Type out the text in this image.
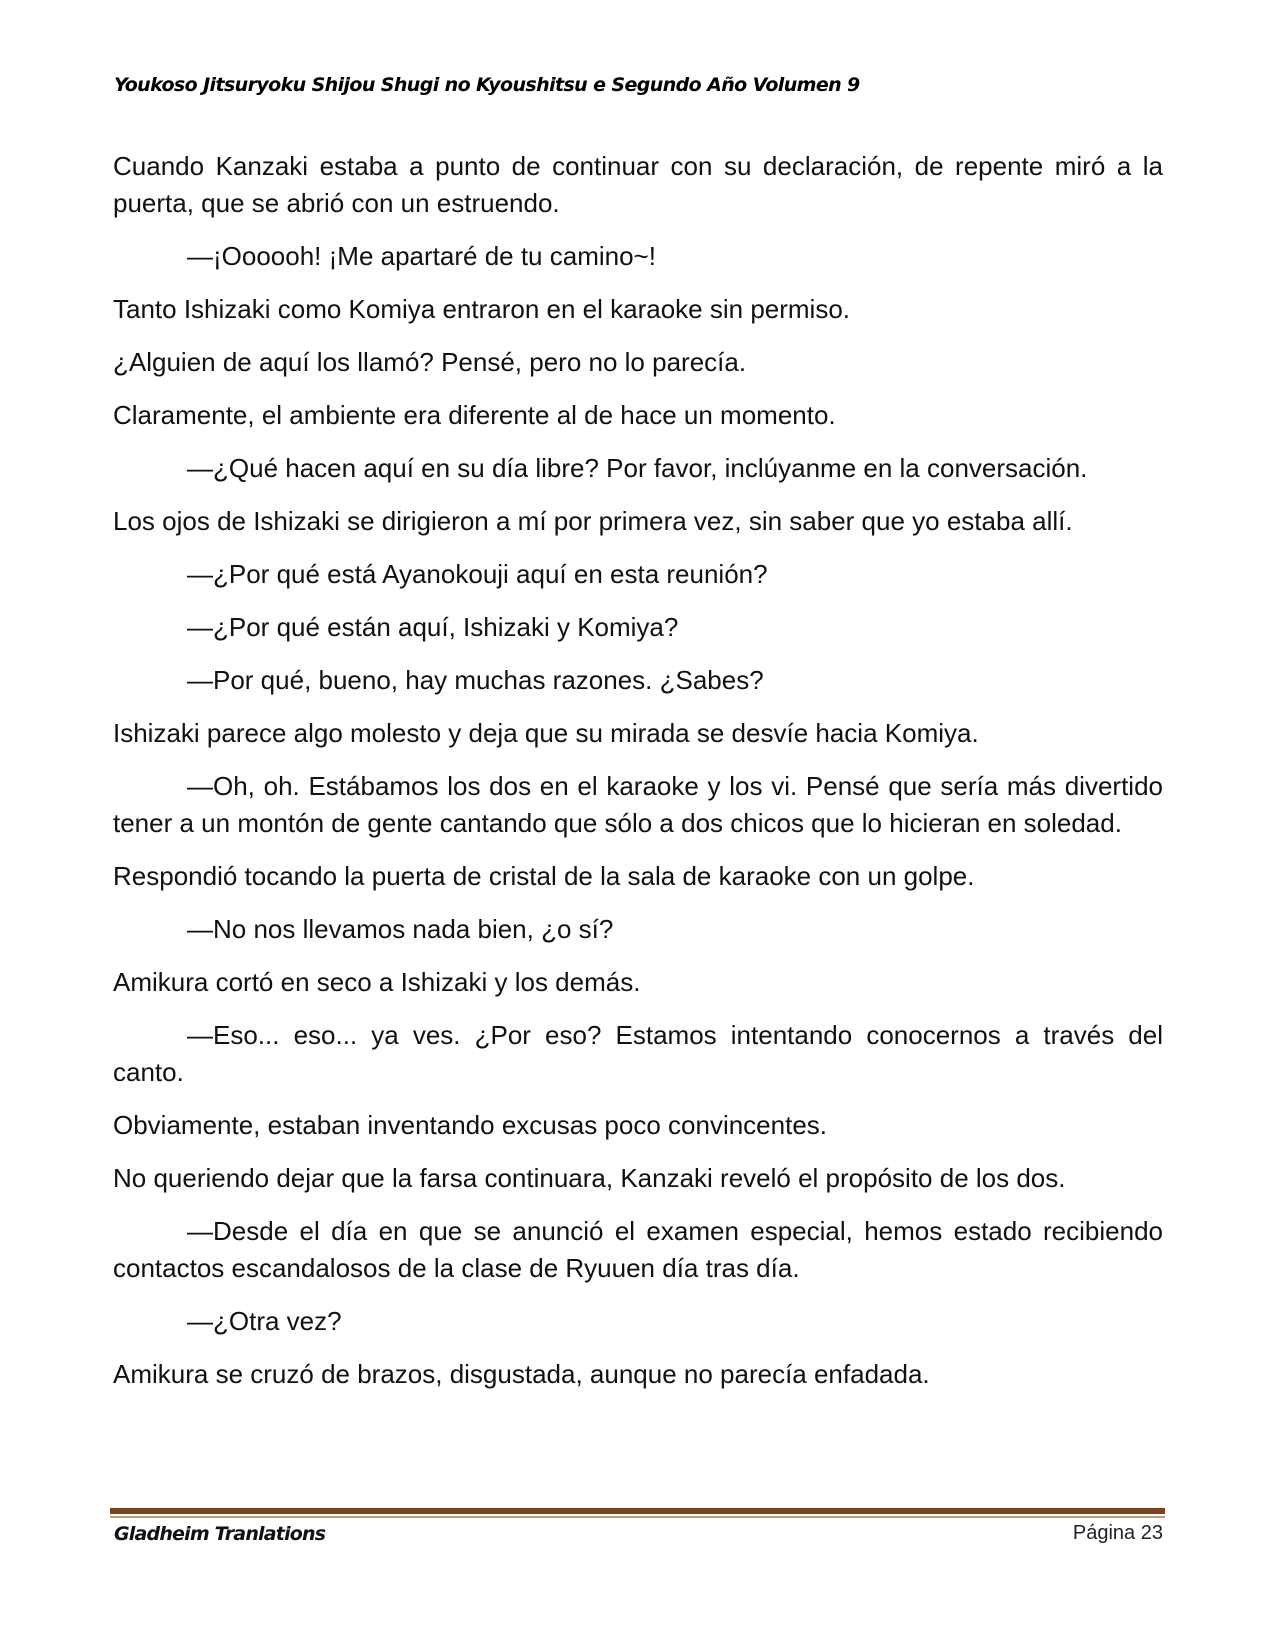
Youkoso Jitsuryoku Shijou Shugi no Kyoushitsu e Segundo Año Volumen 9

Cuando Kanzaki estaba a punto de continuar con su declaración, de repente miró a la puerta, que se abrió con un estruendo.

—¡Oooooh! ¡Me apartaré de tu camino~!

Tanto Ishizaki como Komiya entraron en el karaoke sin permiso.

¿Alguien de aquí los llamó? Pensé, pero no lo parecía.

Claramente, el ambiente era diferente al de hace un momento.

—¿Qué hacen aquí en su día libre? Por favor, inclúyanme en la conversación.

Los ojos de Ishizaki se dirigieron a mí por primera vez, sin saber que yo estaba allí.

—¿Por qué está Ayanokouji aquí en esta reunión?

—¿Por qué están aquí, Ishizaki y Komiya?

—Por qué, bueno, hay muchas razones. ¿Sabes?

Ishizaki parece algo molesto y deja que su mirada se desvíe hacia Komiya.

—Oh, oh. Estábamos los dos en el karaoke y los vi. Pensé que sería más divertido tener a un montón de gente cantando que sólo a dos chicos que lo hicieran en soledad.

Respondió tocando la puerta de cristal de la sala de karaoke con un golpe.

—No nos llevamos nada bien, ¿o sí?

Amikura cortó en seco a Ishizaki y los demás.

—Eso... eso... ya ves. ¿Por eso? Estamos intentando conocernos a través del canto.

Obviamente, estaban inventando excusas poco convincentes.

No queriendo dejar que la farsa continuara, Kanzaki reveló el propósito de los dos.

—Desde el día en que se anunció el examen especial, hemos estado recibiendo contactos escandalosos de la clase de Ryuuen día tras día.

—¿Otra vez?

Amikura se cruzó de brazos, disgustada, aunque no parecía enfadada.

Gladheim Tranlations	Página 23
